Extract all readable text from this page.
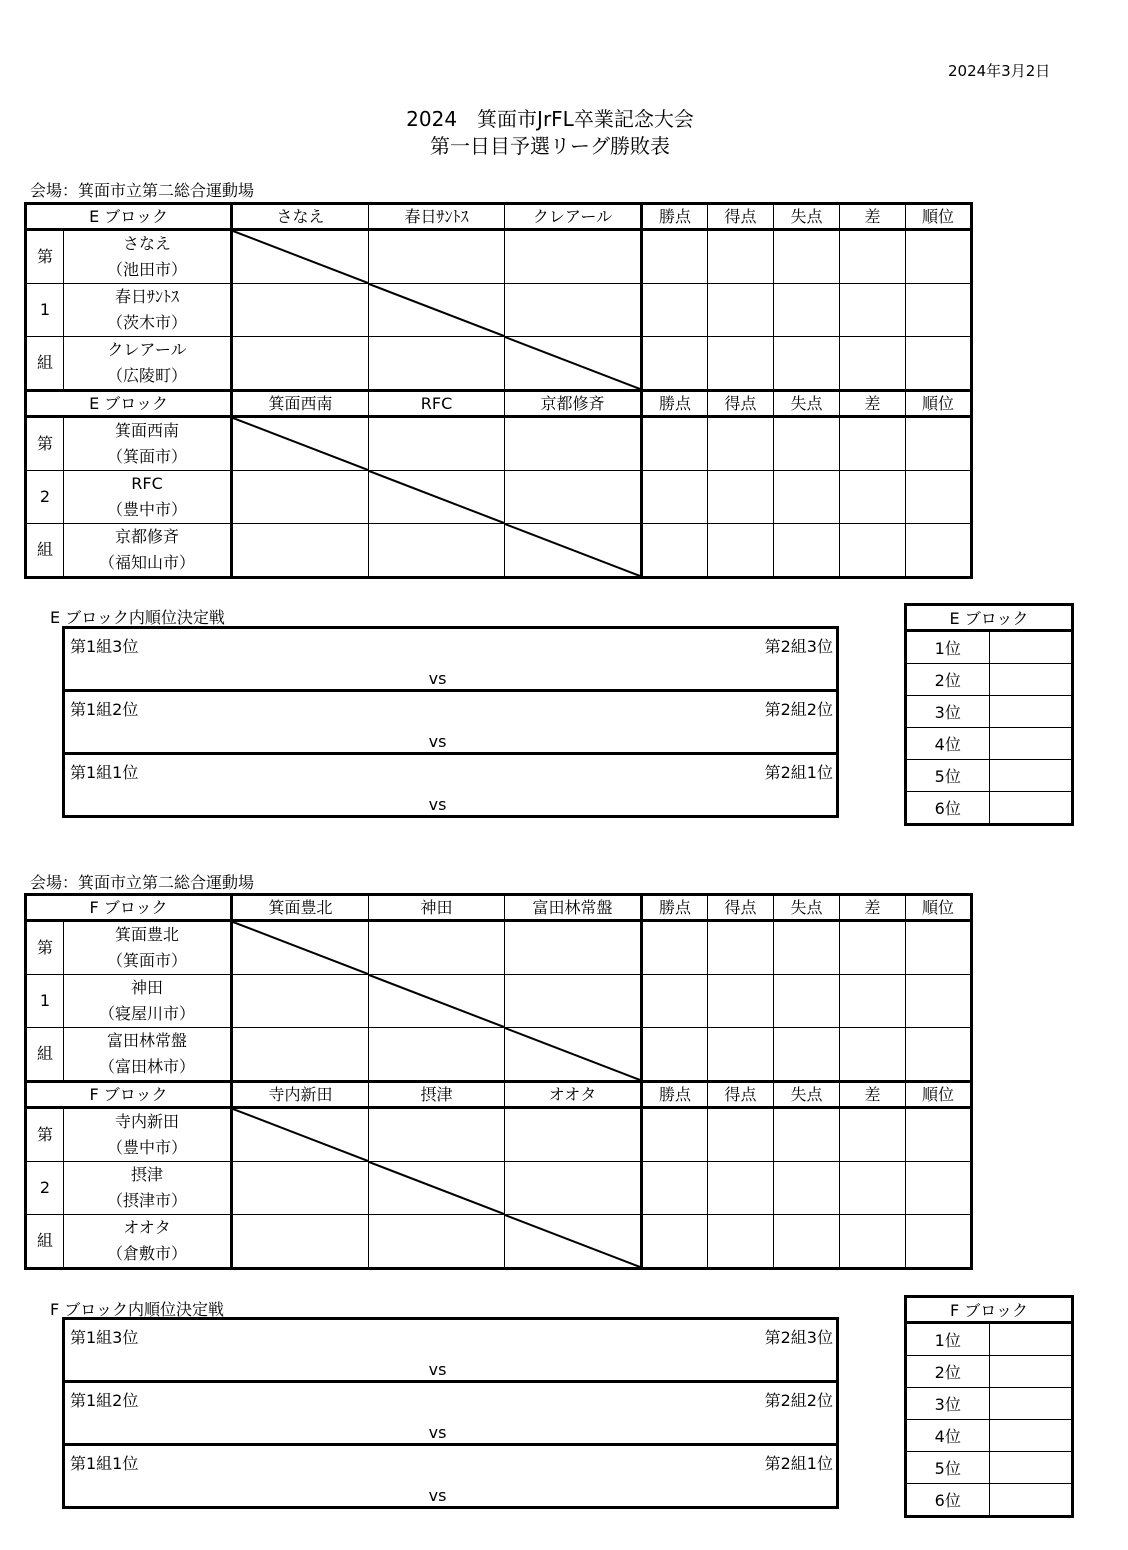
2024年3月2日
2024　箕面市JrFL卒業記念大会
第一日目予選リーグ勝敗表
会場：箕面市立第二総合運動場
E ブロック		さなえ	春日ｻﾝﾄｽ	クレアール	勝点	得点	失点	差	順位
第	さなえ
（池田市）

1	春日ｻﾝﾄｽ
（茨木市）

組	クレアール
（広陵町）

E ブロック		箕面西南	RFC	京都修斉	勝点	得点	失点	差	順位
第	箕面西南
（箕面市）

2	RFC
（豊中市）

組	京都修斉
（福知山市）

E ブロック内順位決定戦
第1組3位	第2組3位
vs
第1組2位	第2組2位
vs
第1組1位	第2組1位
vs
E ブロック	
1位	
2位	
3位	
4位	
5位	
6位	
会場：箕面市立第二総合運動場
F ブロック		箕面豊北	神田	富田林常盤	勝点	得点	失点	差	順位
第	箕面豊北
（箕面市）

1	神田
（寝屋川市）

組	富田林常盤
（富田林市）

F ブロック		寺内新田	摂津	オオタ	勝点	得点	失点	差	順位
第	寺内新田
（豊中市）

2	摂津
（摂津市）

組	オオタ
（倉敷市）

F ブロック内順位決定戦
第1組3位	第2組3位
vs
第1組2位	第2組2位
vs
第1組1位	第2組1位
vs
F ブロック	
1位	
2位	
3位	
4位	
5位	
6位	
